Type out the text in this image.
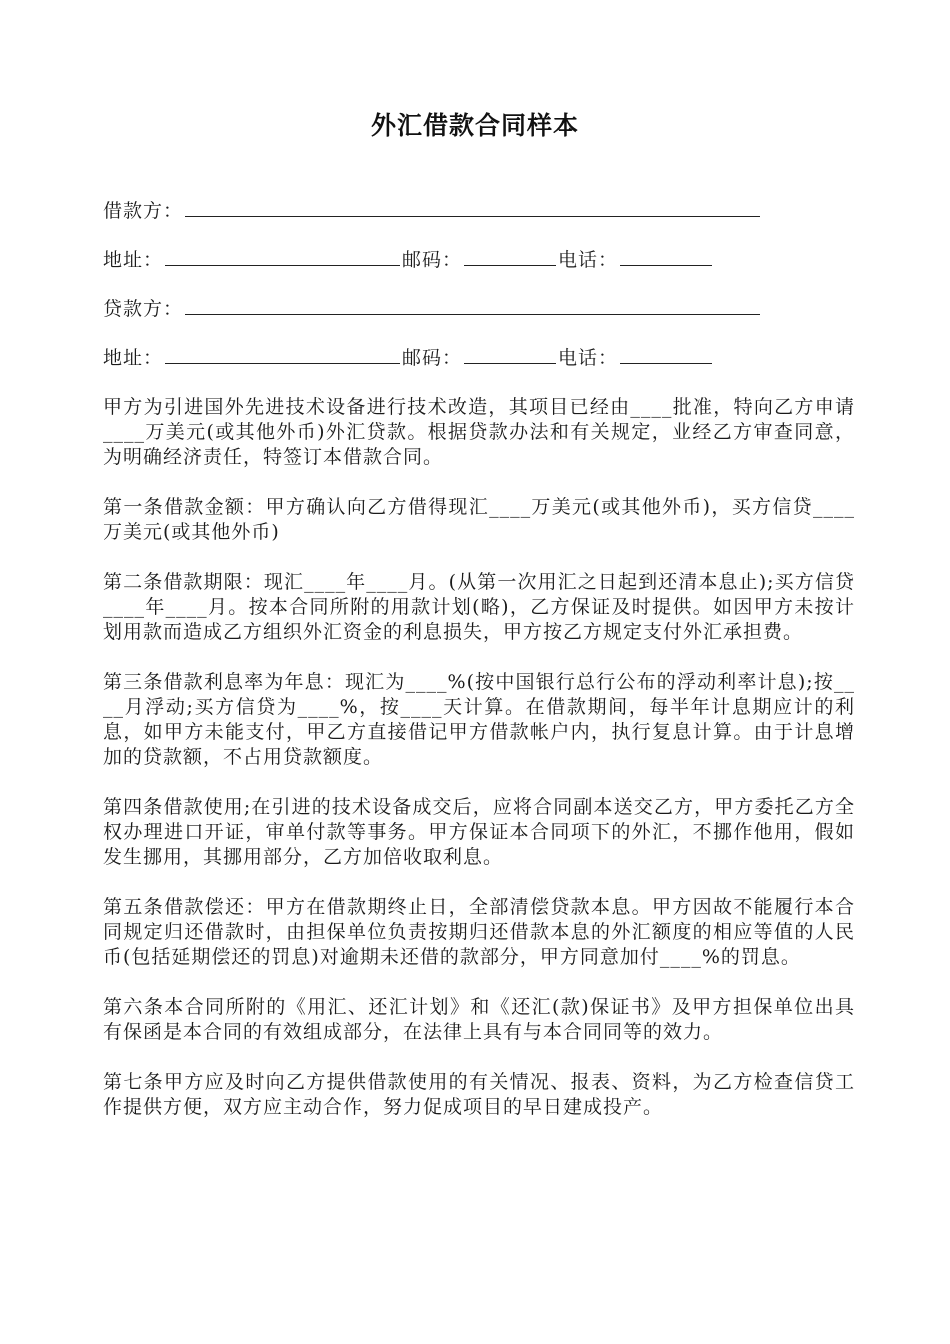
外汇借款合同样本
借款方：
地址：	邮码：	电话：
贷款方：
地址：	邮码：	电话：

甲方为引进国外先进技术设备进行技术改造，其项目已经由____批准，特向乙方申请____万美元(或其他外币)外汇贷款。根据贷款办法和有关规定，业经乙方审查同意，为明确经济责任，特签订本借款合同。

第一条借款金额：甲方确认向乙方借得现汇____万美元(或其他外币)，买方信贷____万美元(或其他外币)

第二条借款期限：现汇____年____月。(从第一次用汇之日起到还清本息止);买方信贷____年____月。按本合同所附的用款计划(略)，乙方保证及时提供。如因甲方未按计划用款而造成乙方组织外汇资金的利息损失，甲方按乙方规定支付外汇承担费。

第三条借款利息率为年息：现汇为____%(按中国银行总行公布的浮动利率计息);按____月浮动;买方信贷为____%，按____天计算。在借款期间，每半年计息期应计的利息，如甲方未能支付，甲乙方直接借记甲方借款帐户内，执行复息计算。由于计息增加的贷款额，不占用贷款额度。

第四条借款使用;在引进的技术设备成交后，应将合同副本送交乙方，甲方委托乙方全权办理进口开证，审单付款等事务。甲方保证本合同项下的外汇，不挪作他用，假如发生挪用，其挪用部分，乙方加倍收取利息。

第五条借款偿还：甲方在借款期终止日，全部清偿贷款本息。甲方因故不能履行本合同规定归还借款时，由担保单位负责按期归还借款本息的外汇额度的相应等值的人民币(包括延期偿还的罚息)对逾期未还借的款部分，甲方同意加付____%的罚息。

第六条本合同所附的《用汇、还汇计划》和《还汇(款)保证书》及甲方担保单位出具有保函是本合同的有效组成部分，在法律上具有与本合同同等的效力。

第七条甲方应及时向乙方提供借款使用的有关情况、报表、资料，为乙方检查信贷工作提供方便，双方应主动合作，努力促成项目的早日建成投产。
